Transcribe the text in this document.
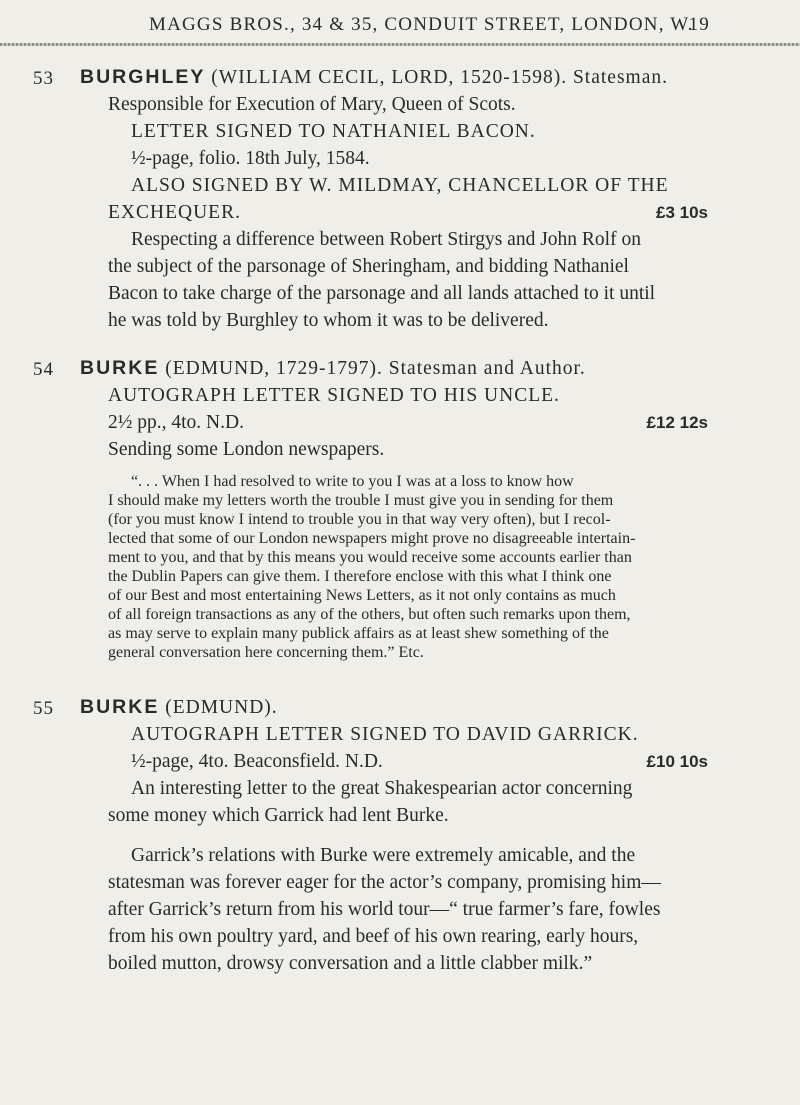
MAGGS BROS., 34 & 35, CONDUIT STREET, LONDON, W.
19
53 BURGHLEY (WILLIAM CECIL, LORD, 1520-1598). Statesman.
Responsible for Execution of Mary, Queen of Scots.
LETTER SIGNED TO NATHANIEL BACON.
½-page, folio. 18th July, 1584.
ALSO SIGNED BY W. MILDMAY, CHANCELLOR OF THE
EXCHEQUER.	£3 10s
Respecting a difference between Robert Stirgys and John Rolf on
the subject of the parsonage of Sheringham, and bidding Nathaniel
Bacon to take charge of the parsonage and all lands attached to it until
he was told by Burghley to whom it was to be delivered.
54 BURKE (EDMUND, 1729-1797). Statesman and Author.
AUTOGRAPH LETTER SIGNED TO HIS UNCLE.
2½ pp., 4to. N.D.	£12 12s
Sending some London newspapers.
“. . . When I had resolved to write to you I was at a loss to know how
I should make my letters worth the trouble I must give you in sending for them
(for you must know I intend to trouble you in that way very often), but I recol-
lected that some of our London newspapers might prove no disagreeable intertain-
ment to you, and that by this means you would receive some accounts earlier than
the Dublin Papers can give them. I therefore enclose with this what I think one
of our Best and most entertaining News Letters, as it not only contains as much
of all foreign transactions as any of the others, but often such remarks upon them,
as may serve to explain many publick affairs as at least shew something of the
general conversation here concerning them.” Etc.
55 BURKE (EDMUND).
AUTOGRAPH LETTER SIGNED TO DAVID GARRICK.
½-page, 4to. Beaconsfield. N.D.	£10 10s
An interesting letter to the great Shakespearian actor concerning
some money which Garrick had lent Burke.
Garrick’s relations with Burke were extremely amicable, and the
statesman was forever eager for the actor’s company, promising him—
after Garrick’s return from his world tour—“ true farmer’s fare, fowles
from his own poultry yard, and beef of his own rearing, early hours,
boiled mutton, drowsy conversation and a little clabber milk.”
